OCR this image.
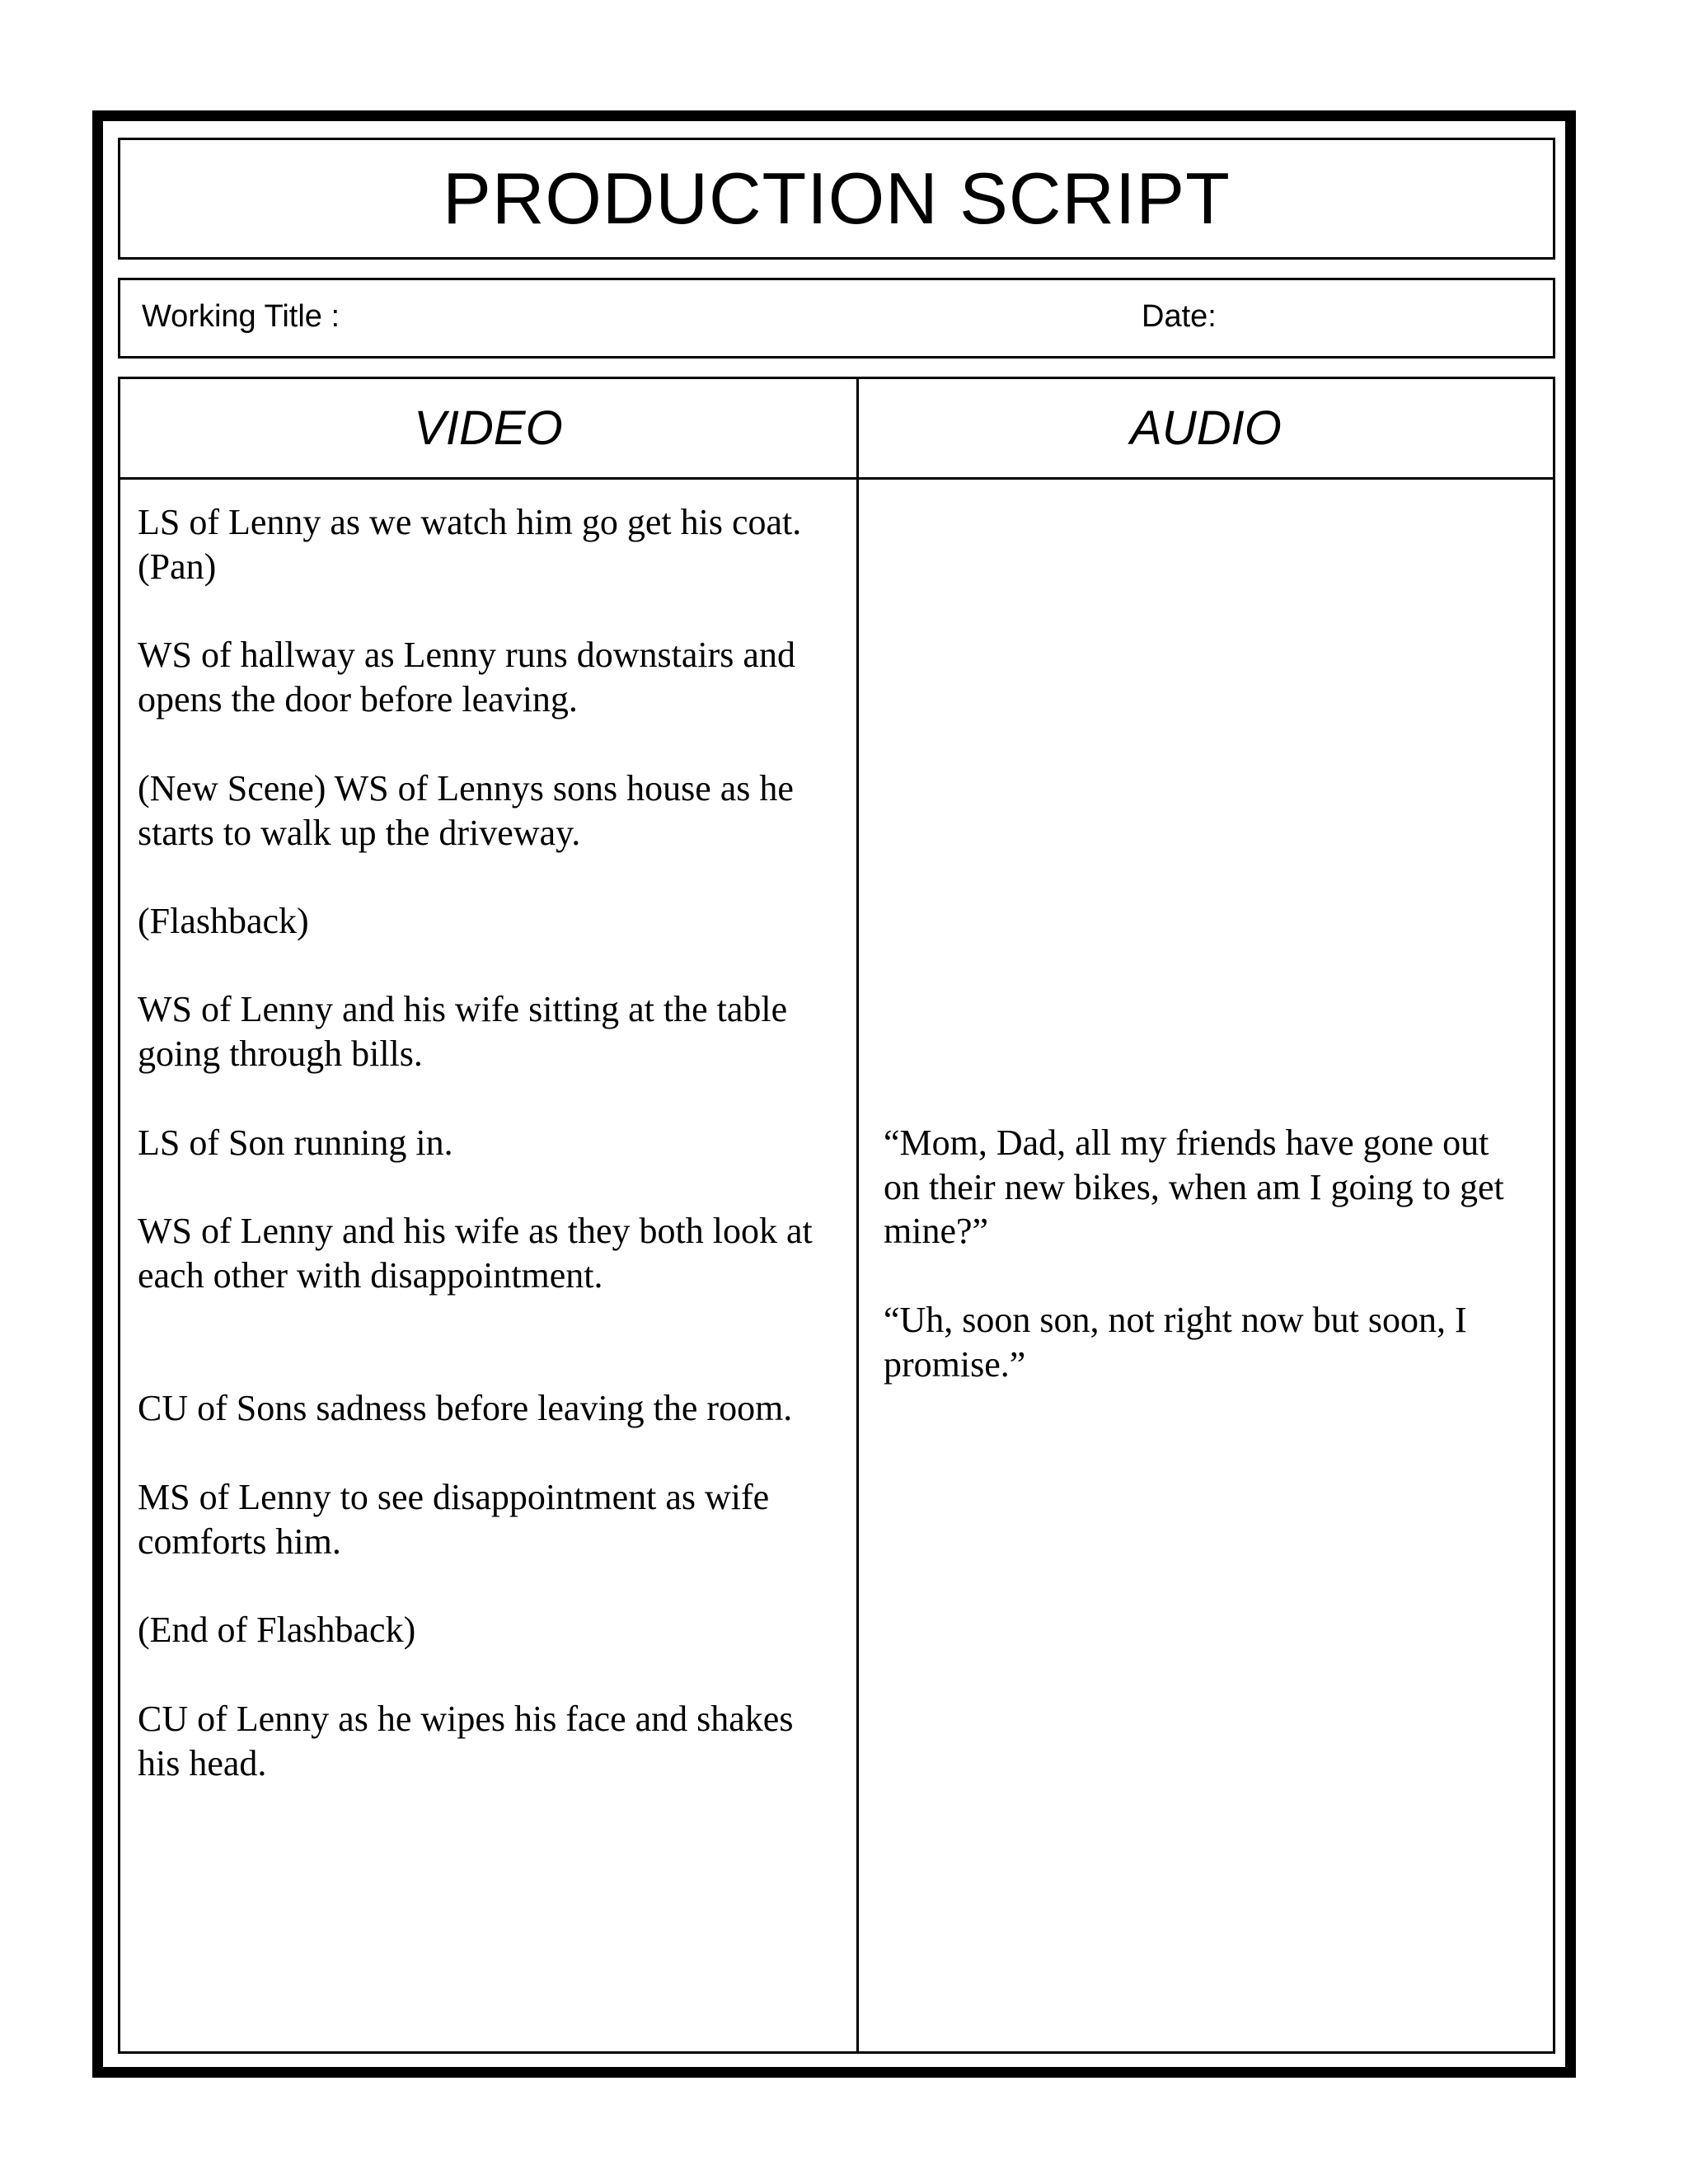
PRODUCTION SCRIPT
Working Title :	Date:
VIDEO	AUDIO
LS of Lenny as we watch him go get his coat.
(Pan)
WS of hallway as Lenny runs downstairs and
opens the door before leaving.
(New Scene) WS of Lennys sons house as he
starts to walk up the driveway.
(Flashback)
WS of Lenny and his wife sitting at the table
going through bills.
LS of Son running in.
WS of Lenny and his wife as they both look at
each other with disappointment.
CU of Sons sadness before leaving the room.
MS of Lenny to see disappointment as wife
comforts him.
(End of Flashback)
CU of Lenny as he wipes his face and shakes
his head.
“Mom, Dad, all my friends have gone out
on their new bikes, when am I going to get
mine?”
“Uh, soon son, not right now but soon, I
promise.”
